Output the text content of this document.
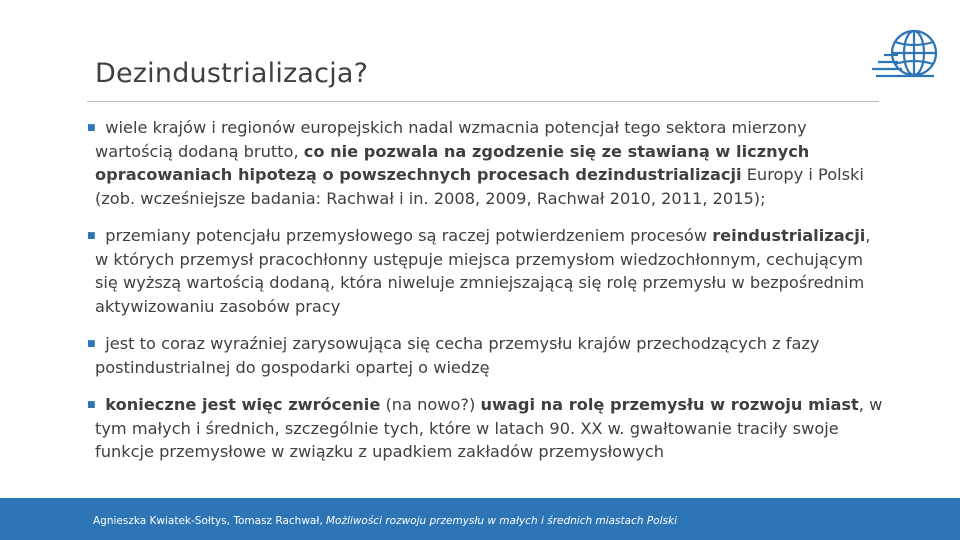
Dezindustrializacja?
■ wiele krajów i regionów europejskich nadal wzmacnia potencjał tego sektora mierzony wartością dodaną brutto, co nie pozwala na zgodzenie się ze stawianą w licznych opracowaniach hipotezą o powszechnych procesach dezindustrializacji Europy i Polski (zob. wcześniejsze badania: Rachwał i in. 2008, 2009, Rachwał 2010, 2011, 2015);
■ przemiany potencjału przemysłowego są raczej potwierdzeniem procesów reindustrializacji, w których przemysł pracochłonny ustępuje miejsca przemysłom wiedzochłonnym, cechującym się wyższą wartością dodaną, która niweluje zmniejszającą się rolę przemysłu w bezpośrednim aktywizowaniu zasobów pracy
■ jest to coraz wyraźniej zarysowująca się cecha przemysłu krajów przechodzących z fazy postindustrialnej do gospodarki opartej o wiedzę
■ konieczne jest więc zwrócenie (na nowo?) uwagi na rolę przemysłu w rozwoju miast, w tym małych i średnich, szczególnie tych, które w latach 90. XX w. gwałtowanie traciły swoje funkcje przemysłowe w związku z upadkiem zakładów przemysłowych
Agnieszka Kwiatek-Sołtys, Tomasz Rachwał, Możliwości rozwoju przemysłu w małych i średnich miastach Polski
